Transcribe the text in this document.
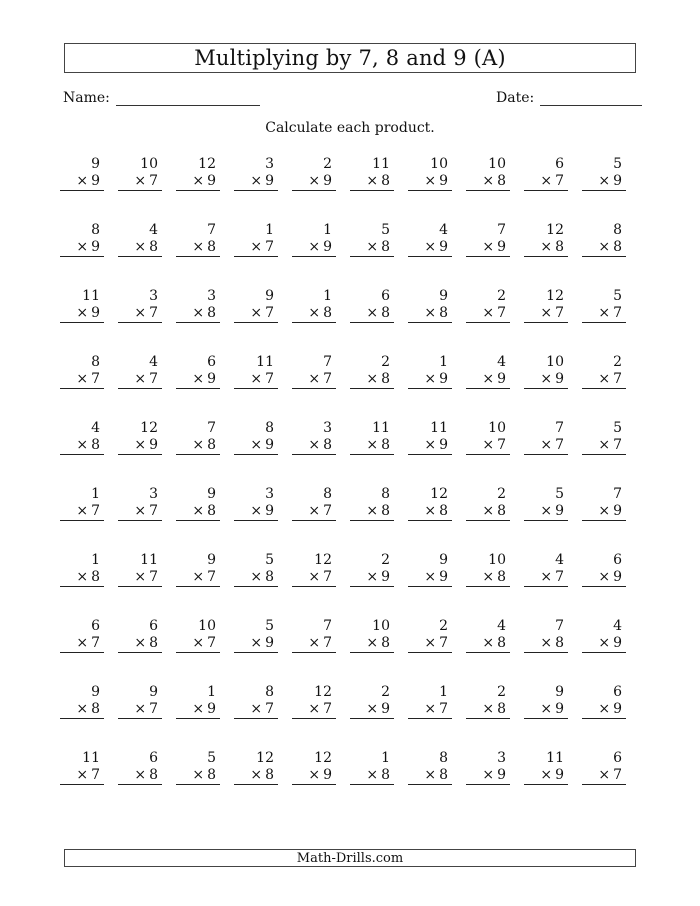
Multiplying by 7, 8 and 9 (A)
Name:	Date:
Calculate each product.
9
× 9
10
× 7
12
× 9
3
× 9
2
× 9
11
× 8
10
× 9
10
× 8
6
× 7
5
× 9
8
× 9
4
× 8
7
× 8
1
× 7
1
× 9
5
× 8
4
× 9
7
× 9
12
× 8
8
× 8
11
× 9
3
× 7
3
× 8
9
× 7
1
× 8
6
× 8
9
× 8
2
× 7
12
× 7
5
× 7
8
× 7
4
× 7
6
× 9
11
× 7
7
× 7
2
× 8
1
× 9
4
× 9
10
× 9
2
× 7
4
× 8
12
× 9
7
× 8
8
× 9
3
× 8
11
× 8
11
× 9
10
× 7
7
× 7
5
× 7
1
× 7
3
× 7
9
× 8
3
× 9
8
× 7
8
× 8
12
× 8
2
× 8
5
× 9
7
× 9
1
× 8
11
× 7
9
× 7
5
× 8
12
× 7
2
× 9
9
× 9
10
× 8
4
× 7
6
× 9
6
× 7
6
× 8
10
× 7
5
× 9
7
× 7
10
× 8
2
× 7
4
× 8
7
× 8
4
× 9
9
× 8
9
× 7
1
× 9
8
× 7
12
× 7
2
× 9
1
× 7
2
× 8
9
× 9
6
× 9
11
× 7
6
× 8
5
× 8
12
× 8
12
× 9
1
× 8
8
× 8
3
× 9
11
× 9
6
× 7
Math-Drills.com
